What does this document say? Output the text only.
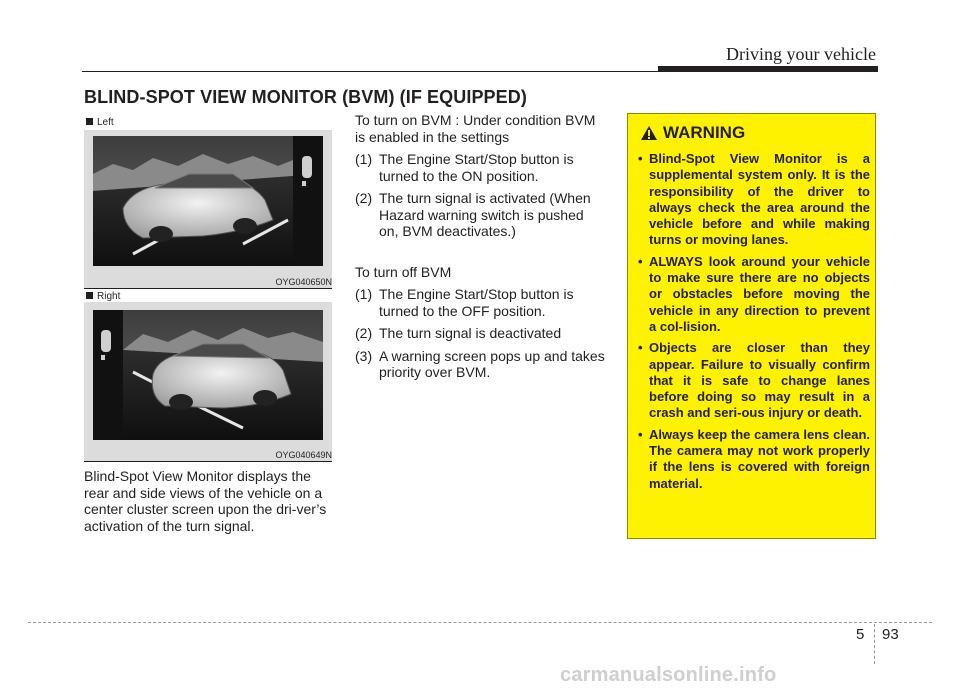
Driving your vehicle
BLIND-SPOT VIEW MONITOR (BVM) (IF EQUIPPED)
Left
OYG040650N
Right
OYG040649N

Blind-Spot View Monitor displays the rear and side views of the vehicle on a center cluster screen upon the dri-ver’s activation of the turn signal.

To turn on BVM : Under condition BVM is enabled in the settings

(1) The Engine Start/Stop button is turned to the ON position.
(2) The turn signal is activated (When Hazard warning switch is pushed on, BVM deactivates.)

To turn off BVM

(1) The Engine Start/Stop button is turned to the OFF position.
(2) The turn signal is deactivated
(3) A warning screen pops up and takes priority over BVM.
WARNING
• Blind-Spot View Monitor is a supplemental system only. It is the responsibility of the driver to always check the area around the vehicle before and while making turns or moving lanes.
• ALWAYS look around your vehicle to make sure there are no objects or obstacles before moving the vehicle in any direction to prevent a col-lision.
• Objects are closer than they appear. Failure to visually confirm that it is safe to change lanes before doing so may result in a crash and seri-ous injury or death.
• Always keep the camera lens clean. The camera may not work properly if the lens is covered with foreign material.
5 93
carmanualsonline.info
